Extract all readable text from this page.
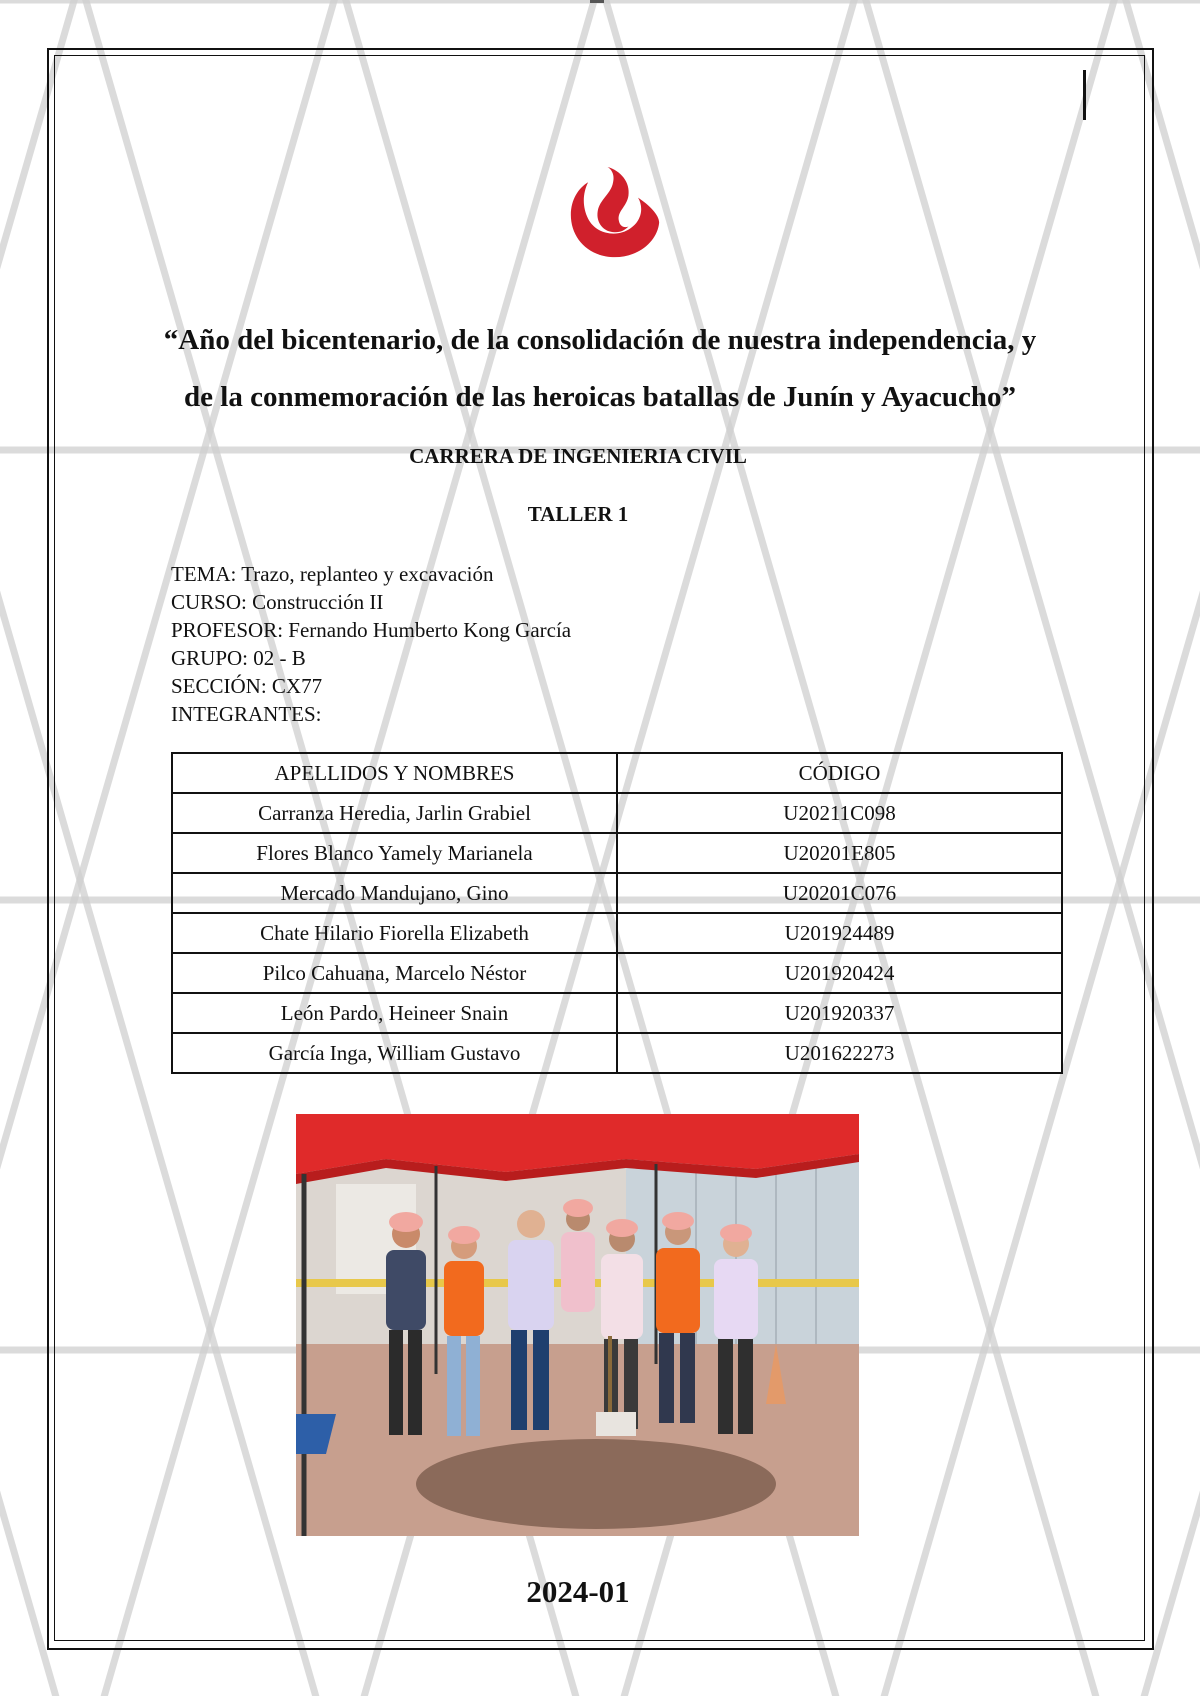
“Año del bicentenario, de la consolidación de nuestra independencia, y
de la conmemoración de las heroicas batallas de Junín y Ayacucho”
CARRERA DE INGENIERIA CIVIL
TALLER 1
TEMA: Trazo, replanteo y excavación
CURSO: Construcción II
PROFESOR: Fernando Humberto Kong García
GRUPO: 02 - B
SECCIÓN: CX77
INTEGRANTES:
APELLIDOS Y NOMBRES	CÓDIGO
Carranza Heredia, Jarlin Grabiel	U20211C098
Flores Blanco Yamely Marianela	U20201E805
Mercado Mandujano, Gino	U20201C076
Chate Hilario Fiorella Elizabeth	U201924489
Pilco Cahuana, Marcelo Néstor	U201920424
León Pardo, Heineer Snain	U201920337
García Inga, William Gustavo	U201622273
2024-01
